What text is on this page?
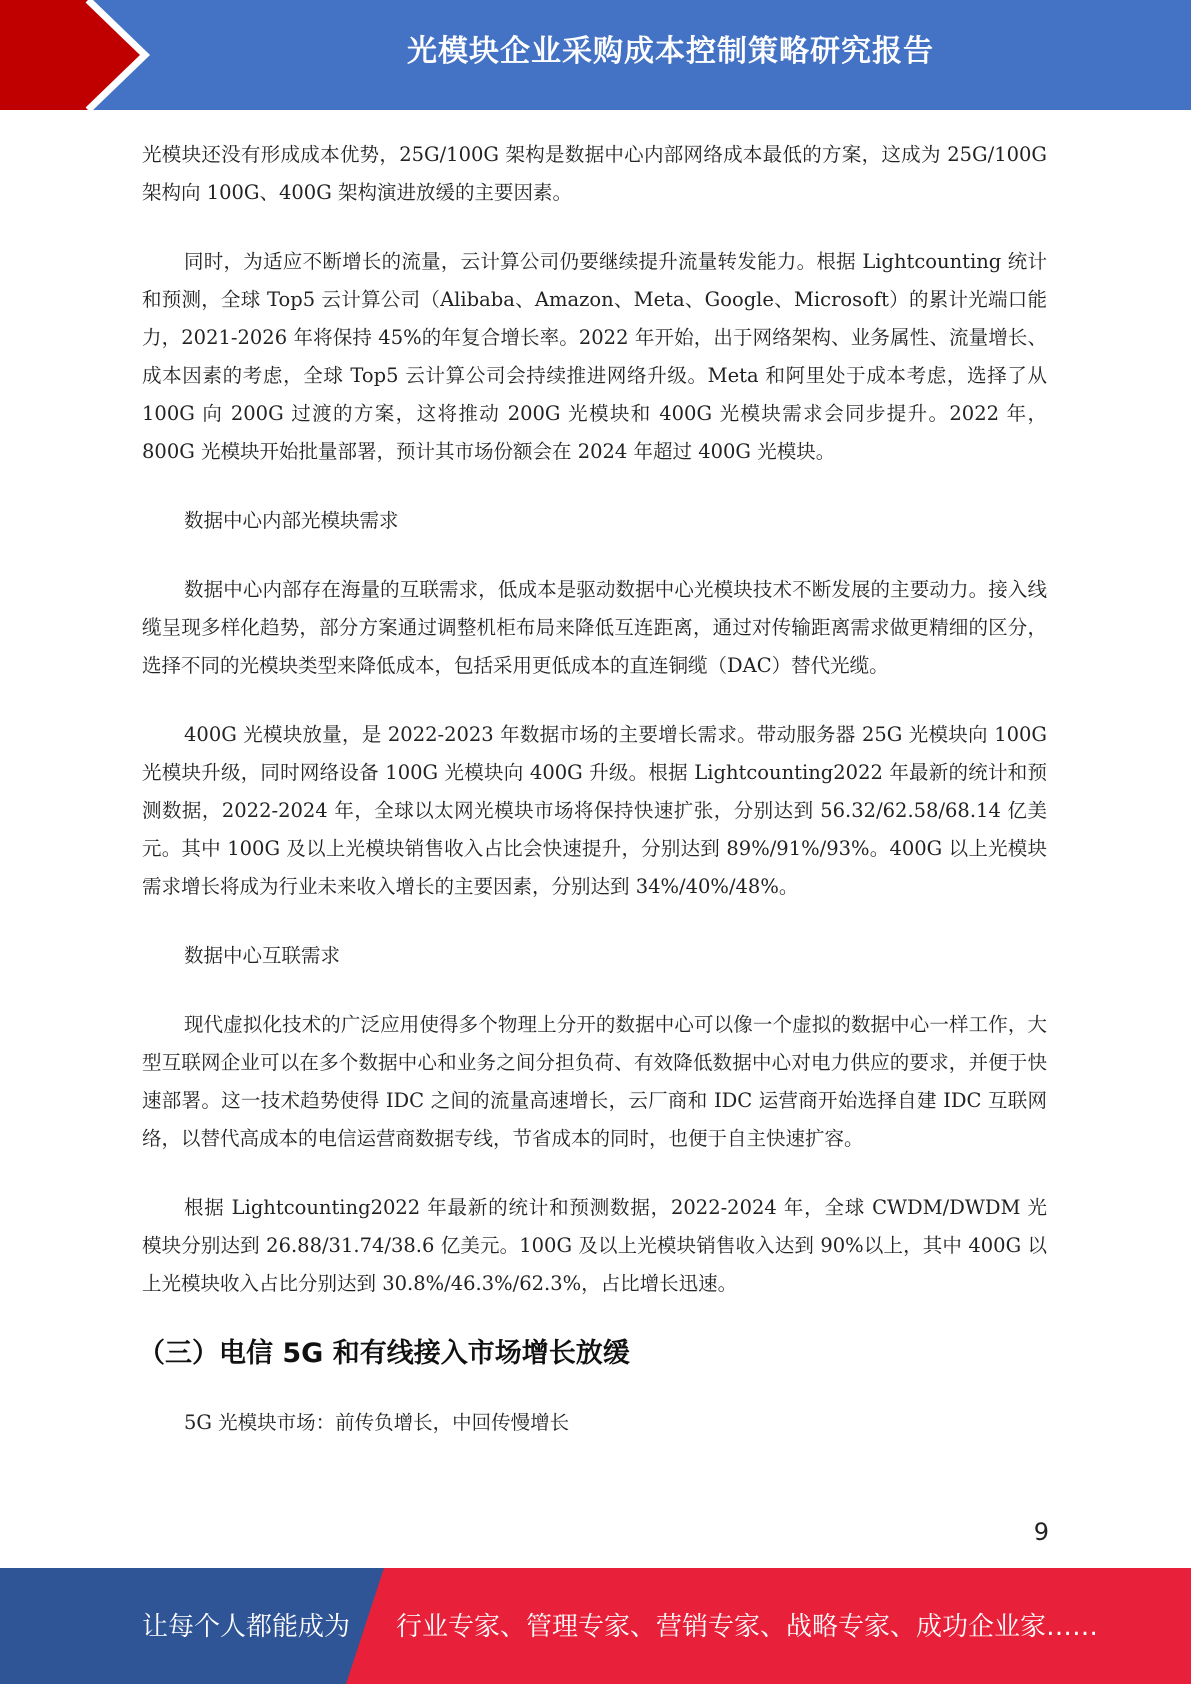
光模块企业采购成本控制策略研究报告

光模块还没有形成成本优势，25G/100G 架构是数据中心内部网络成本最低的方案，这成为 25G/100G 架构向 100G、400G 架构演进放缓的主要因素。

同时，为适应不断增长的流量，云计算公司仍要继续提升流量转发能力。根据 Lightcounting 统计和预测，全球 Top5 云计算公司（Alibaba、Amazon、Meta、Google、Microsoft）的累计光端口能力，2021-2026 年将保持 45%的年复合增长率。2022 年开始，出于网络架构、业务属性、流量增长、成本因素的考虑，全球 Top5 云计算公司会持续推进网络升级。Meta 和阿里处于成本考虑，选择了从 100G 向 200G 过渡的方案，这将推动 200G 光模块和 400G 光模块需求会同步提升。2022 年，800G 光模块开始批量部署，预计其市场份额会在 2024 年超过 400G 光模块。

数据中心内部光模块需求

数据中心内部存在海量的互联需求，低成本是驱动数据中心光模块技术不断发展的主要动力。接入线缆呈现多样化趋势，部分方案通过调整机柜布局来降低互连距离，通过对传输距离需求做更精细的区分，选择不同的光模块类型来降低成本，包括采用更低成本的直连铜缆（DAC）替代光缆。

400G 光模块放量，是 2022-2023 年数据市场的主要增长需求。带动服务器 25G 光模块向 100G 光模块升级，同时网络设备 100G 光模块向 400G 升级。根据 Lightcounting2022 年最新的统计和预测数据，2022-2024 年，全球以太网光模块市场将保持快速扩张，分别达到 56.32/62.58/68.14 亿美元。其中 100G 及以上光模块销售收入占比会快速提升，分别达到 89%/91%/93%。400G 以上光模块需求增长将成为行业未来收入增长的主要因素，分别达到 34%/40%/48%。

数据中心互联需求

现代虚拟化技术的广泛应用使得多个物理上分开的数据中心可以像一个虚拟的数据中心一样工作，大型互联网企业可以在多个数据中心和业务之间分担负荷、有效降低数据中心对电力供应的要求，并便于快速部署。这一技术趋势使得 IDC 之间的流量高速增长，云厂商和 IDC 运营商开始选择自建 IDC 互联网络，以替代高成本的电信运营商数据专线，节省成本的同时，也便于自主快速扩容。

根据 Lightcounting2022 年最新的统计和预测数据，2022-2024 年，全球 CWDM/DWDM 光模块分别达到 26.88/31.74/38.6 亿美元。100G 及以上光模块销售收入达到 90%以上，其中 400G 以上光模块收入占比分别达到 30.8%/46.3%/62.3%，占比增长迅速。

（三）电信 5G 和有线接入市场增长放缓

5G 光模块市场：前传负增长，中回传慢增长

9
让每个人都能成为 行业专家、管理专家、营销专家、战略专家、成功企业家……
